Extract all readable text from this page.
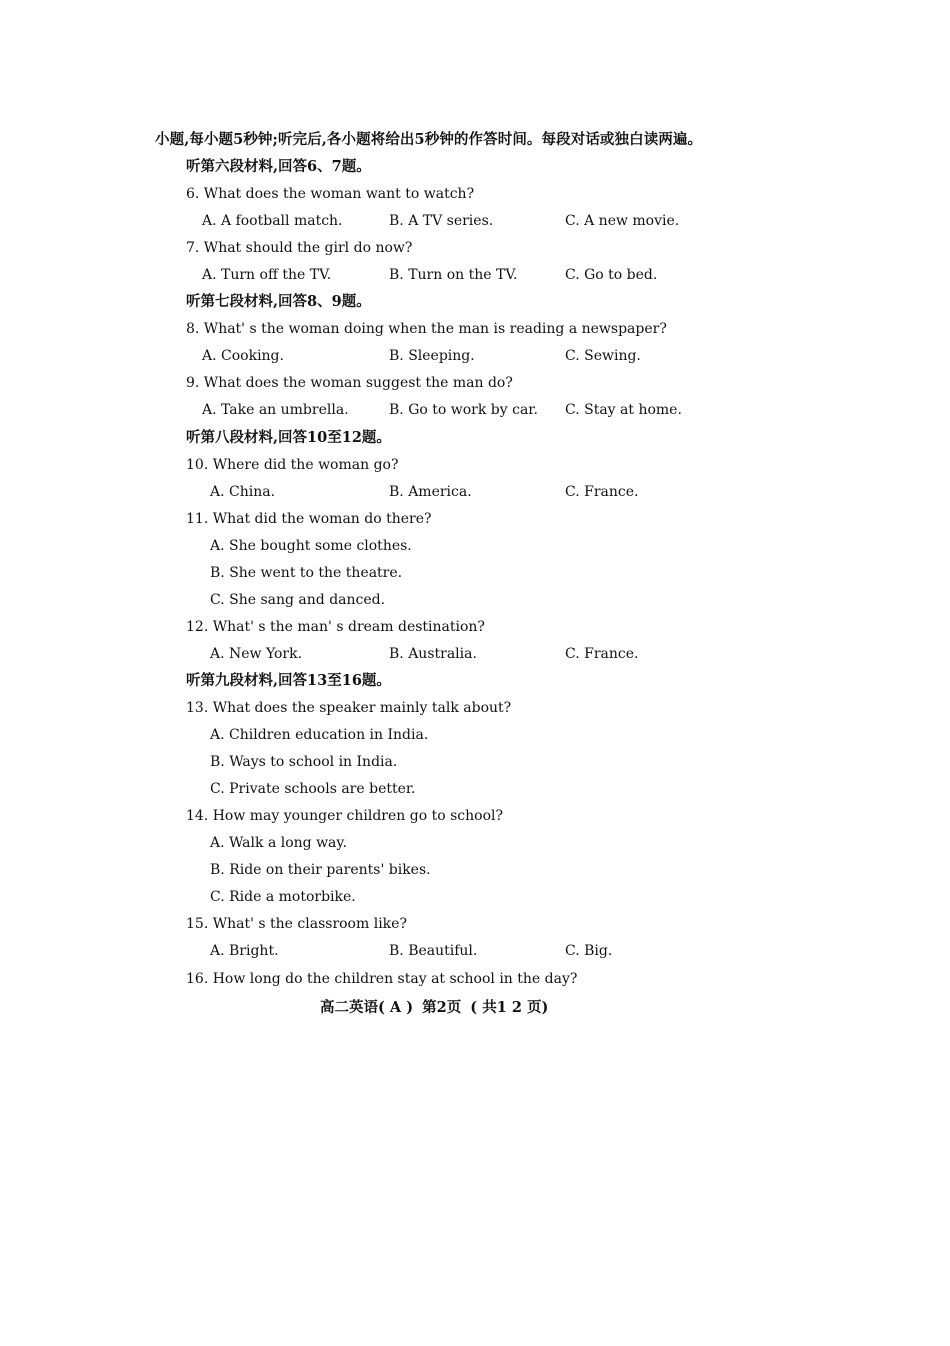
小题,每小题5秒钟;听完后,各小题将给出5秒钟的作答时间。每段对话或独白读两遍。
听第六段材料,回答6、7题。
6. What does the woman want to watch?
A. A football match.	B. A TV series.	C. A new movie.
7. What should the girl do now?
A. Turn off the TV.	B. Turn on the TV.	C. Go to bed.
听第七段材料,回答8、9题。
8. What' s the woman doing when the man is reading a newspaper?
A. Cooking.	B. Sleeping.	C. Sewing.
9. What does the woman suggest the man do?
A. Take an umbrella.	B. Go to work by car. C. Stay at home.
听第八段材料,回答10至12题。
10. Where did the woman go?
A. China.	B. America.	C. France.
11. What did the woman do there?
A. She bought some clothes.
B. She went to the theatre.
C. She sang and danced.
12. What' s the man' s dream destination?
A. New York.	B. Australia.	C. France.
听第九段材料,回答13至16题。
13. What does the speaker mainly talk about?
A. Children education in India.
B. Ways to school in India.
C. Private schools are better.
14. How may younger children go to school?
A. Walk a long way.
B. Ride on their parents' bikes.
C. Ride a motorbike.
15. What' s the classroom like?
A. Bright.	B. Beautiful.	C. Big.
16. How long do the children stay at school in the day?
高二英语( A ) 第2页 ( 共1 2 页)
